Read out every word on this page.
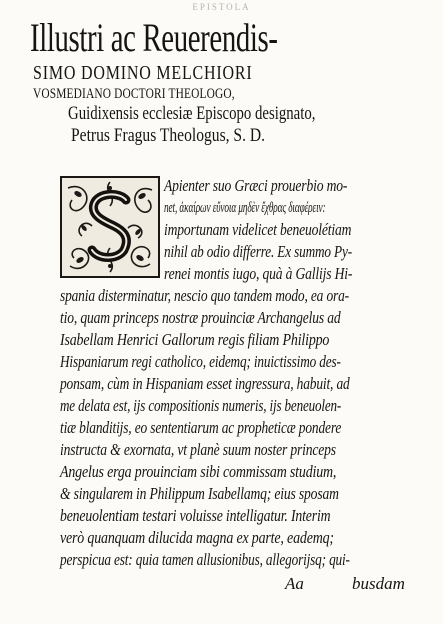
EPISTOLA
Illustri ac Reuerendis-
SIMO DOMINO MELCHIORI
VOSMEDIANO DOCTORI THEOLOGO,
Guidixensis ecclesiæ Episcopo designato,
Petrus Fragus Theologus, S. D.
Apienter suo Græci prouerbio mo-
net, ἀκαίρων εὔνοια μηδὲν ἔχθρας διαφέρειν:
importunam videlicet beneuolétiam
nihil ab odio differre. Ex summo Py-
renei montis iugo, quà à Gallijs Hi-
spania disterminatur, nescio quo tandem modo, ea ora-
tio, quam princeps nostræ prouinciæ Archangelus ad
Isabellam Henrici Gallorum regis filiam Philippo
Hispaniarum regi catholico, eidemq; inuictissimo des-
ponsam, cùm in Hispaniam esset ingressura, habuit, ad
me delata est, ijs compositionis numeris, ijs beneuolen-
tiæ blanditijs, eo sententiarum ac propheticæ pondere
instructa & exornata, vt planè suum noster princeps
Angelus erga prouinciam sibi commissam studium,
& singularem in Philippum Isabellamq; eius sposam
beneuolentiam testari voluisse intelligatur. Interim
verò quanquam dilucida magna ex parte, eademq;
perspicua est: quia tamen allusionibus, allegorijsq; qui-
Aa	busdam
